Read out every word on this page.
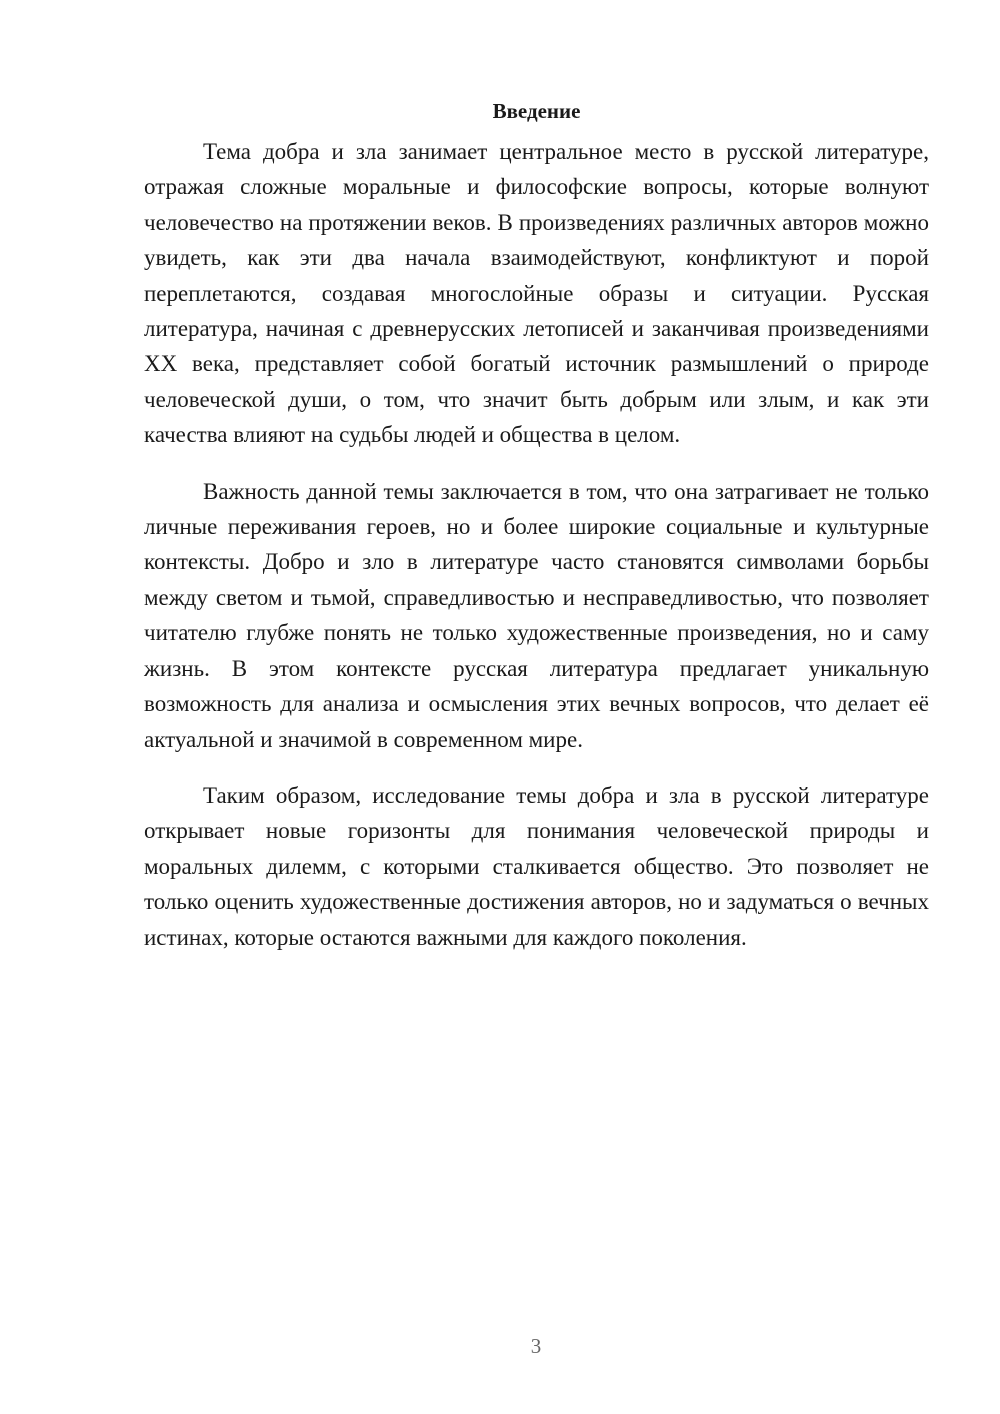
Введение

Тема добра и зла занимает центральное место в русской литературе, отражая сложные моральные и философские вопросы, которые волнуют человечество на протяжении веков. В произведениях различных авторов можно увидеть, как эти два начала взаимодействуют, конфликтуют и порой переплетаются, создавая многослойные образы и ситуации. Русская литература, начиная с древнерусских летописей и заканчивая произведениями XX века, представляет собой богатый источник размышлений о природе человеческой души, о том, что значит быть добрым или злым, и как эти качества влияют на судьбы людей и общества в целом.

Важность данной темы заключается в том, что она затрагивает не только личные переживания героев, но и более широкие социальные и культурные контексты. Добро и зло в литературе часто становятся символами борьбы между светом и тьмой, справедливостью и несправедливостью, что позволяет читателю глубже понять не только художественные произведения, но и саму жизнь. В этом контексте русская литература предлагает уникальную возможность для анализа и осмысления этих вечных вопросов, что делает её актуальной и значимой в современном мире.

Таким образом, исследование темы добра и зла в русской литературе открывает новые горизонты для понимания человеческой природы и моральных дилемм, с которыми сталкивается общество. Это позволяет не только оценить художественные достижения авторов, но и задуматься о вечных истинах, которые остаются важными для каждого поколения.

3
